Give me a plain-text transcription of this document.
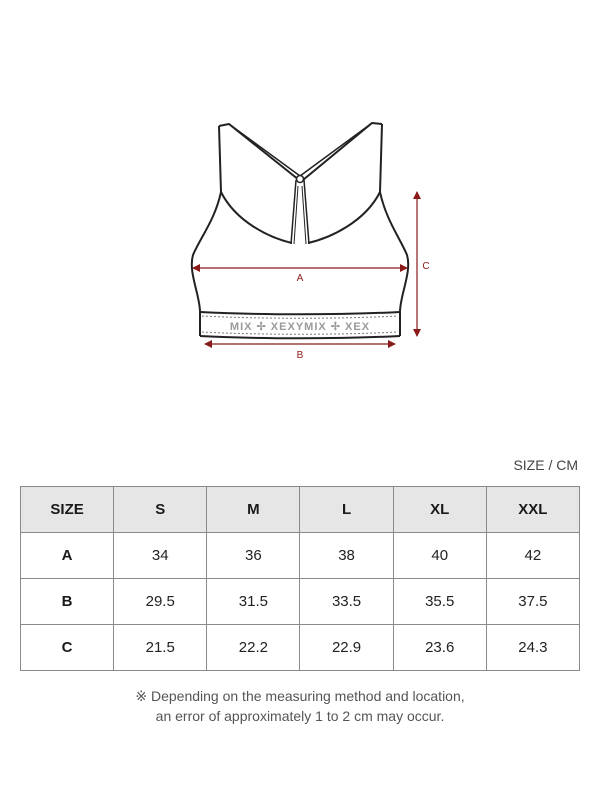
MIX ✢ XEXYMIX ✢ XEX
A
B
C
SIZE / CM
SIZE	S	M	L	XL	XXL
A	34	36	38	40	42
B	29.5	31.5	33.5	35.5	37.5
C	21.5	22.2	22.9	23.6	24.3
※ Depending on the measuring method and location,
an error of approximately 1 to 2 cm may occur.
